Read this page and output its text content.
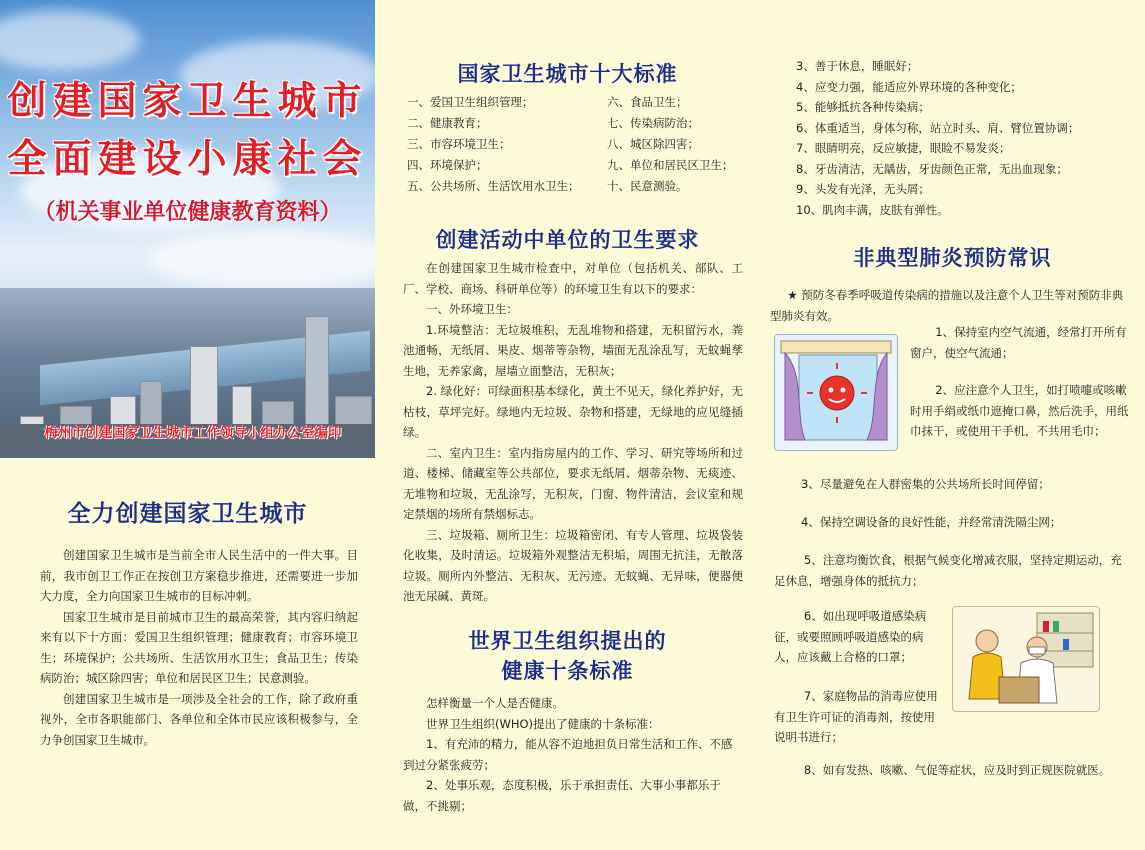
创建国家卫生城市
全面建设小康社会
（机关事业单位健康教育资料）
梅州市创建国家卫生城市工作领导小组办公室编印
全力创建国家卫生城市

创建国家卫生城市是当前全市人民生活中的一件大事。目前，我市创卫工作正在按创卫方案稳步推进，还需要进一步加大力度，全力向国家卫生城市的目标冲刺。

国家卫生城市是目前城市卫生的最高荣誉，其内容归纳起来有以下十方面：爱国卫生组织管理；健康教育；市容环境卫生；环境保护；公共场所、生活饮用水卫生；食品卫生；传染病防治；城区除四害；单位和居民区卫生；民意测验。

创建国家卫生城市是一项涉及全社会的工作，除了政府重视外，全市各职能部门、各单位和全体市民应该积极参与，全力争创国家卫生城市。

国家卫生城市十大标准
一、爱国卫生组织管理；
二、健康教育；
三、市容环境卫生；
四、环境保护；
五、公共场所、生活饮用水卫生；
六、食品卫生；
七、传染病防治；
八、城区除四害；
九、单位和居民区卫生；
十、民意测验。
创建活动中单位的卫生要求

在创建国家卫生城市检查中，对单位（包括机关、部队、工厂、学校、商场、科研单位等）的环境卫生有以下的要求：

一、外环境卫生：

1.环境整洁：无垃圾堆积，无乱堆物和搭建，无积留污水，粪池通畅，无纸屑、果皮、烟蒂等杂物，墙面无乱涂乱写，无蚊蝇孳生地，无养家禽，屋墙立面整洁，无积灰；

2. 绿化好：可绿面积基本绿化，黄土不见天，绿化养护好，无枯枝，草坪完好。绿地内无垃圾、杂物和搭建，无绿地的应见缝插绿。

二、室内卫生：室内指房屋内的工作、学习、研究等场所和过道、楼梯、储藏室等公共部位，要求无纸屑、烟蒂杂物、无痰迹、无堆物和垃圾，无乱涂写，无积灰，门窗、物件清洁，会议室和规定禁烟的场所有禁烟标志。

三、垃圾箱、厕所卫生：垃圾箱密闭、有专人管理、垃圾袋装化收集，及时清运。垃圾箱外观整洁无积垢，周围无抗洼，无散落垃圾。厕所内外整洁、无积灰、无污迹、无蚊蝇、无异味，便器便池无尿碱、黄斑。

世界卫生组织提出的
健康十条标准

怎样衡量一个人是否健康。

世界卫生组织(WHO)提出了健康的十条标准：

1、有充沛的精力，能从容不迫地担负日常生活和工作、不感到过分紧张疲劳；

2、处事乐观，态度积极，乐于承担责任、大事小事都乐于做，不挑剔；

3、善于休息，睡眠好；
4、应变力强，能适应外界环境的各种变化；
5、能够抵抗各种传染病；
6、体重适当，身体匀称，站立时头、肩、臂位置协调；
7、眼睛明亮，反应敏捷，眼睑不易发炎；
8、牙齿清洁，无龋齿，牙齿颜色正常，无出血现象；
9、头发有光泽，无头屑；
10、肌肉丰满，皮肤有弹性。
非典型肺炎预防常识

★ 预防冬春季呼吸道传染病的措施以及注意个人卫生等对预防非典型肺炎有效。

1、保持室内空气流通，经常打开所有窗户，使空气流通；

2、应注意个人卫生，如打喷嚏或咳嗽时用手绢或纸巾遮掩口鼻，然后洗手，用纸巾抹干，或使用干手机，不共用毛巾；

3、尽量避免在人群密集的公共场所长时间停留；

4、保持空调设备的良好性能，并经常清洗隔尘网；

5、注意均衡饮食，根据气候变化增减衣服，坚持定期运动，充足休息，增强身体的抵抗力；

6、如出现呼吸道感染病征，或要照顾呼吸道感染的病人，应该戴上合格的口罩；

7、家庭物品的消毒应使用有卫生许可证的消毒剂，按使用说明书进行；

8、如有发热、咳嗽、气促等症状，应及时到正规医院就医。
